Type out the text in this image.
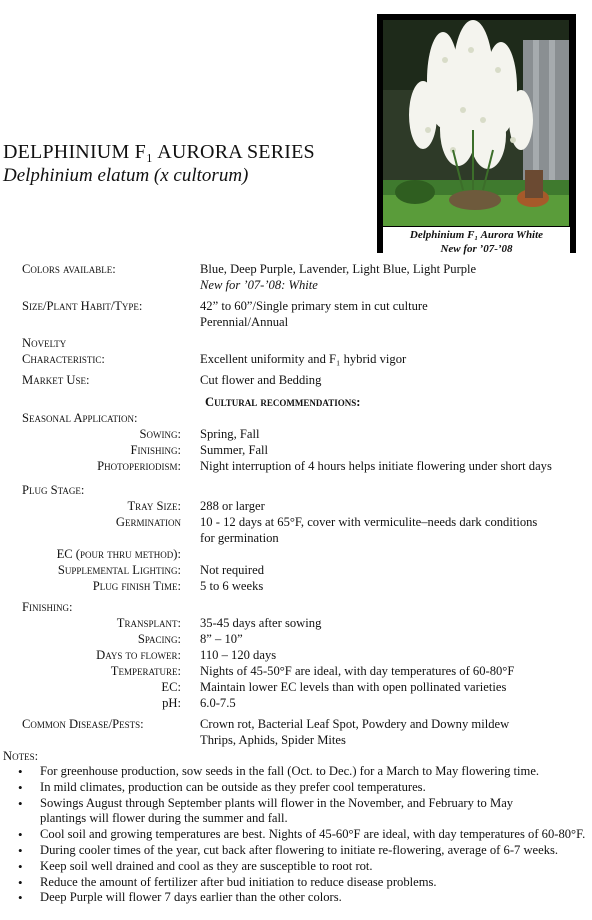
Delphinium F₁ Aurora White
New for ’07-’08
DELPHINIUM F₁ AURORA SERIES
Delphinium elatum (x cultorum)
Colors available:	Blue, Deep Purple, Lavender, Light Blue, Light Purple
New for ’07-’08: White
Size/Plant Habit/Type:	42” to 60”/Single primary stem in cut culture
Perennial/Annual
Novelty
Characteristic:	Excellent uniformity and F₁ hybrid vigor
Market Use:	Cut flower and Bedding
Cultural recommendations:
Seasonal Application:
Sowing: Spring, Fall
Finishing: Summer, Fall
Photoperiodism: Night interruption of 4 hours helps initiate flowering under short days
Plug Stage:
Tray Size: 288 or larger
Germination 10 - 12 days at 65°F, cover with vermiculite–needs dark conditions
for germination
EC (pour thru method):
Supplemental Lighting: Not required
Plug finish Time: 5 to 6 weeks
Finishing:
Transplant: 35-45 days after sowing
Spacing: 8” – 10”
Days to flower: 110 – 120 days
Temperature: Nights of 45-50°F are ideal, with day temperatures of 60-80°F
EC: Maintain lower EC levels than with open pollinated varieties
pH: 6.0-7.5
Common Disease/Pests:	Crown rot, Bacterial Leaf Spot, Powdery and Downy mildew
Thrips, Aphids, Spider Mites
Notes:
• For greenhouse production, sow seeds in the fall (Oct. to Dec.) for a March to May flowering time.
• In mild climates, production can be outside as they prefer cool temperatures.
• Sowings August through September plants will flower in the November, and February to May plantings will flower during the summer and fall.
• Cool soil and growing temperatures are best. Nights of 45-60°F are ideal, with day temperatures of 60-80°F.
• During cooler times of the year, cut back after flowering to initiate re-flowering, average of 6-7 weeks.
• Keep soil well drained and cool as they are susceptible to root rot.
• Reduce the amount of fertilizer after bud initiation to reduce disease problems.
• Deep Purple will flower 7 days earlier than the other colors.
